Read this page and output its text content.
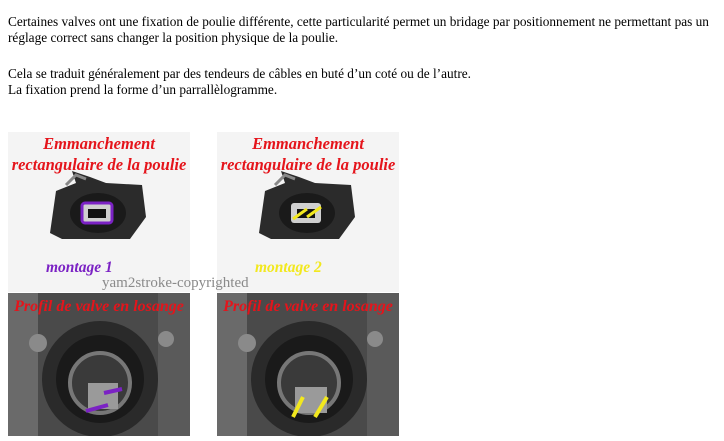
Certaines valves ont une fixation de poulie différente, cette particularité permet un bridage par positionnement ne permettant pas un réglage correct sans changer la position physique de la poulie.

Cela se traduit généralement par des tendeurs de câbles en buté d’un coté ou de l’autre.
La fixation prend la forme d’un parrallèlogramme.

Emmanchement rectangulaire de la poulie
montage 1
Profil de valve en losange
Emmanchement rectangulaire de la poulie
montage 2
Profil de valve en losange
yam2stroke-copyrighted
